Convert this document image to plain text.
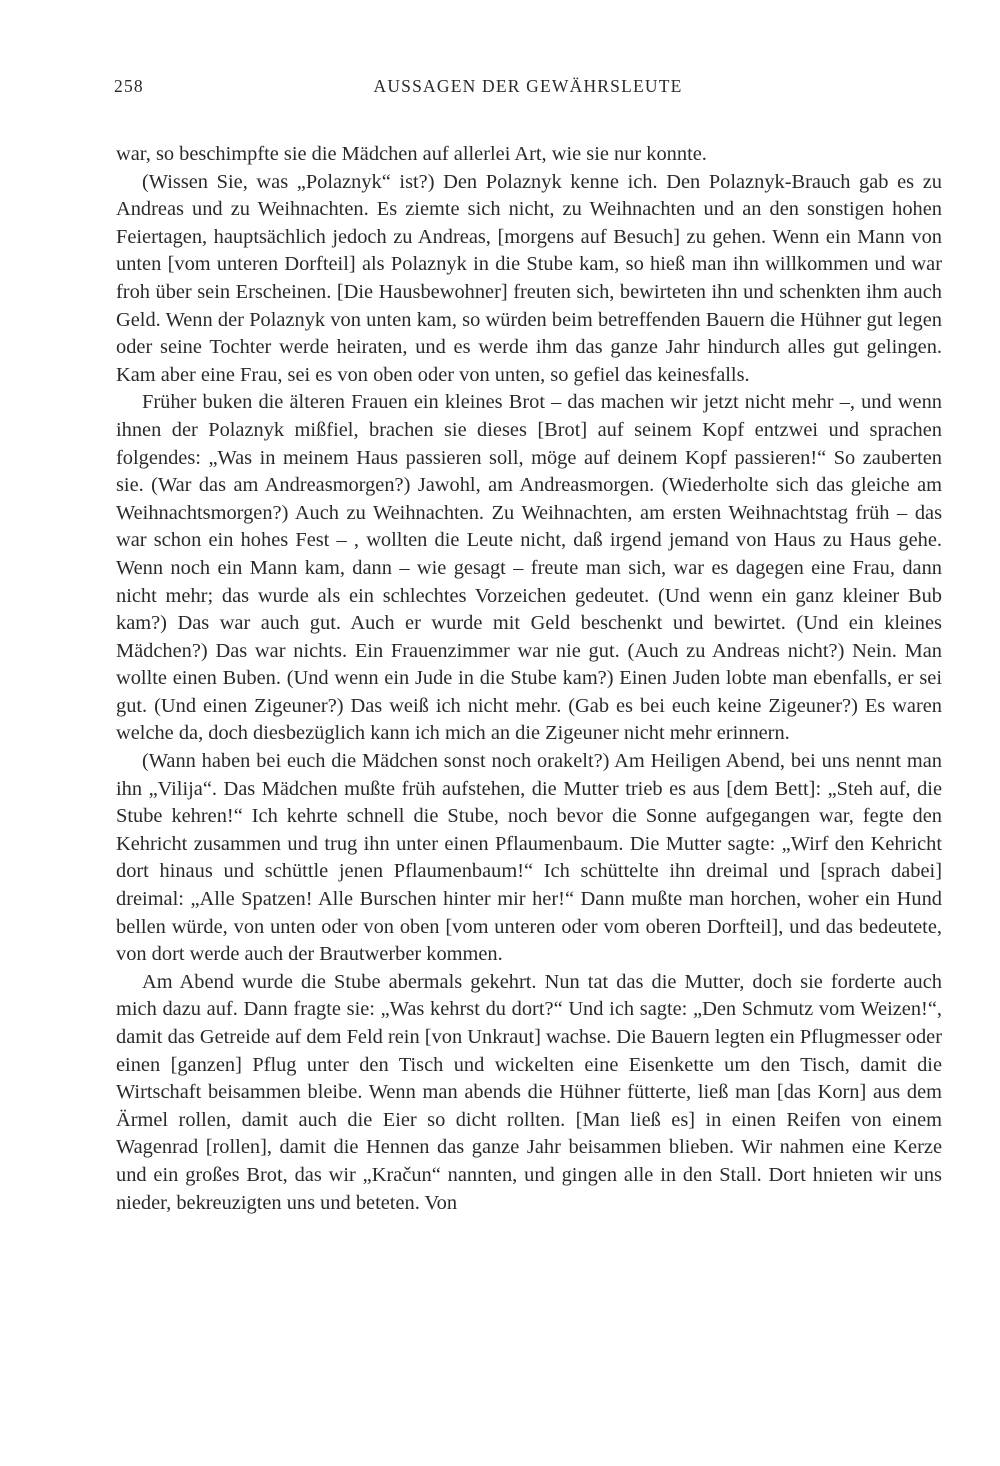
258	AUSSAGEN DER GEWÄHRSLEUTE

war, so beschimpfte sie die Mädchen auf allerlei Art, wie sie nur konnte.

(Wissen Sie, was „Polaznyk“ ist?) Den Polaznyk kenne ich. Den Polaznyk-Brauch gab es zu Andreas und zu Weihnachten. Es ziemte sich nicht, zu Weihnachten und an den sonstigen hohen Feiertagen, hauptsächlich jedoch zu Andreas, [morgens auf Besuch] zu gehen. Wenn ein Mann von unten [vom unteren Dorfteil] als Polaznyk in die Stube kam, so hieß man ihn willkommen und war froh über sein Erscheinen. [Die Hausbewohner] freuten sich, bewirteten ihn und schenkten ihm auch Geld. Wenn der Polaznyk von unten kam, so würden beim betreffenden Bauern die Hühner gut legen oder seine Tochter werde heiraten, und es werde ihm das ganze Jahr hindurch alles gut gelingen. Kam aber eine Frau, sei es von oben oder von unten, so gefiel das keinesfalls.

Früher buken die älteren Frauen ein kleines Brot – das machen wir jetzt nicht mehr –, und wenn ihnen der Polaznyk mißfiel, brachen sie dieses [Brot] auf seinem Kopf entzwei und sprachen folgendes: „Was in meinem Haus passieren soll, möge auf deinem Kopf passieren!“ So zauberten sie. (War das am Andreasmorgen?) Jawohl, am Andreasmorgen. (Wiederholte sich das gleiche am Weihnachtsmorgen?) Auch zu Weihnachten. Zu Weihnachten, am ersten Weihnachtstag früh – das war schon ein hohes Fest – , wollten die Leute nicht, daß irgend jemand von Haus zu Haus gehe. Wenn noch ein Mann kam, dann – wie gesagt – freute man sich, war es dagegen eine Frau, dann nicht mehr; das wurde als ein schlechtes Vorzeichen gedeutet. (Und wenn ein ganz kleiner Bub kam?) Das war auch gut. Auch er wurde mit Geld beschenkt und bewirtet. (Und ein kleines Mädchen?) Das war nichts. Ein Frauenzimmer war nie gut. (Auch zu Andreas nicht?) Nein. Man wollte einen Buben. (Und wenn ein Jude in die Stube kam?) Einen Juden lobte man ebenfalls, er sei gut. (Und einen Zigeuner?) Das weiß ich nicht mehr. (Gab es bei euch keine Zigeuner?) Es waren welche da, doch diesbezüglich kann ich mich an die Zigeuner nicht mehr erinnern.

(Wann haben bei euch die Mädchen sonst noch orakelt?) Am Heiligen Abend, bei uns nennt man ihn „Vilija“. Das Mädchen mußte früh aufstehen, die Mutter trieb es aus [dem Bett]: „Steh auf, die Stube kehren!“ Ich kehrte schnell die Stube, noch bevor die Sonne aufgegangen war, fegte den Kehricht zusammen und trug ihn unter einen Pflaumenbaum. Die Mutter sagte: „Wirf den Kehricht dort hinaus und schüttle jenen Pflaumenbaum!“ Ich schüttelte ihn dreimal und [sprach dabei] dreimal: „Alle Spatzen! Alle Burschen hinter mir her!“ Dann mußte man horchen, woher ein Hund bellen würde, von unten oder von oben [vom unteren oder vom oberen Dorfteil], und das bedeutete, von dort werde auch der Brautwerber kommen.

Am Abend wurde die Stube abermals gekehrt. Nun tat das die Mutter, doch sie forderte auch mich dazu auf. Dann fragte sie: „Was kehrst du dort?“ Und ich sagte: „Den Schmutz vom Weizen!“, damit das Getreide auf dem Feld rein [von Unkraut] wachse. Die Bauern legten ein Pflugmesser oder einen [ganzen] Pflug unter den Tisch und wickelten eine Eisenkette um den Tisch, damit die Wirtschaft beisammen bleibe. Wenn man abends die Hühner fütterte, ließ man [das Korn] aus dem Ärmel rollen, damit auch die Eier so dicht rollten. [Man ließ es] in einen Reifen von einem Wagenrad [rollen], damit die Hennen das ganze Jahr beisammen blieben. Wir nahmen eine Kerze und ein großes Brot, das wir „Kračun“ nannten, und gingen alle in den Stall. Dort hnieten wir uns nieder, bekreuzigten uns und beteten. Von
